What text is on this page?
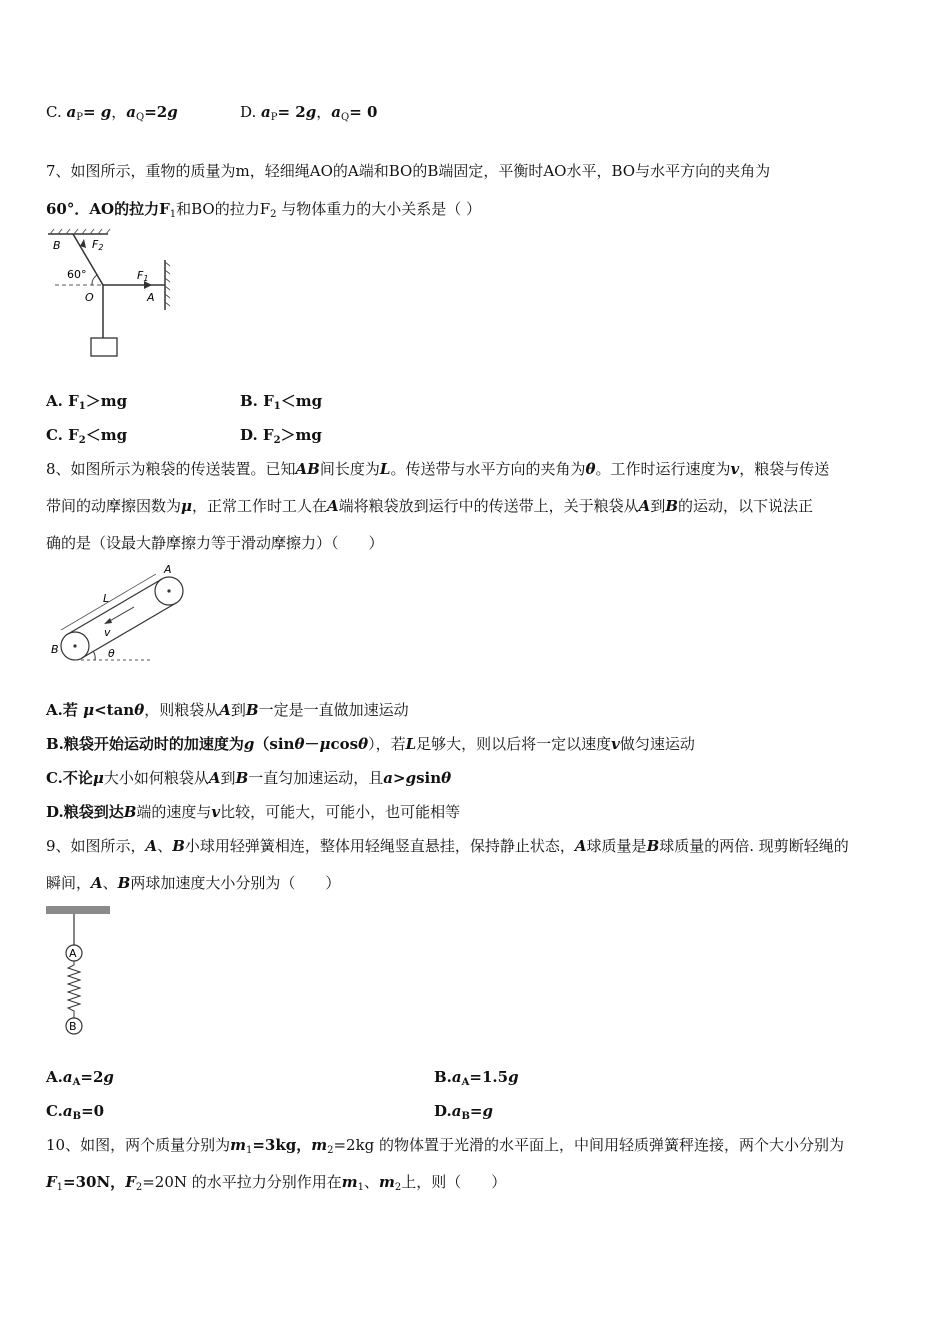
C. $a_P= g$，$a_Q=2g$	D. $a_P= 2g$，$a_Q= 0$
7、如图所示，重物的质量为m，轻细绳AO的A端和BO的B端固定，平衡时AO水平，BO与水平方向的夹角为
60°．AO的拉力$F_1$和BO的拉力$F_2$ 与物体重力的大小关系是（ ）
B	F2
60°
O
F1
A
A. $F_1>mg$	B. $F_1<mg$
C. $F_2<mg$	D. $F_2>mg$
8、如图所示为粮袋的传送装置。已知AB间长度为L。传送带与水平方向的夹角为θ。工作时运行速度为v，粮袋与传送
带间的动摩擦因数为μ，正常工作时工人在A端将粮袋放到运行中的传送带上，关于粮袋从A到B的运动，以下说法正
确的是（设最大静摩擦力等于滑动摩擦力）（　　）
A
B
L
v
θ
A.若 μ<tanθ，则粮袋从A到B一定是一直做加速运动
B.粮袋开始运动时的加速度为g（sinθ－μcosθ），若L足够大，则以后将一定以速度v做匀速运动
C.不论μ大小如何粮袋从A到B一直匀加速运动，且a>gsinθ
D.粮袋到达B端的速度与v比较，可能大，可能小，也可能相等
9、如图所示，A、B小球用轻弹簧相连，整体用轻绳竖直悬挂，保持静止状态，A球质量是B球质量的两倍. 现剪断轻绳的
瞬间，A、B两球加速度大小分别为（　　）
A
B
$A.a_A=2g$	$B.a_A=1.5g$
$C.a_B=0$	$D.a_B=g$
10、如图，两个质量分别为$m_1=3kg$，$m_2=2kg$ 的物体置于光滑的水平面上，中间用轻质弹簧秤连接，两个大小分别为
$F_1=30N$，$F_2=20N$ 的水平拉力分别作用在$m_1$、$m_2$上，则（　　）
